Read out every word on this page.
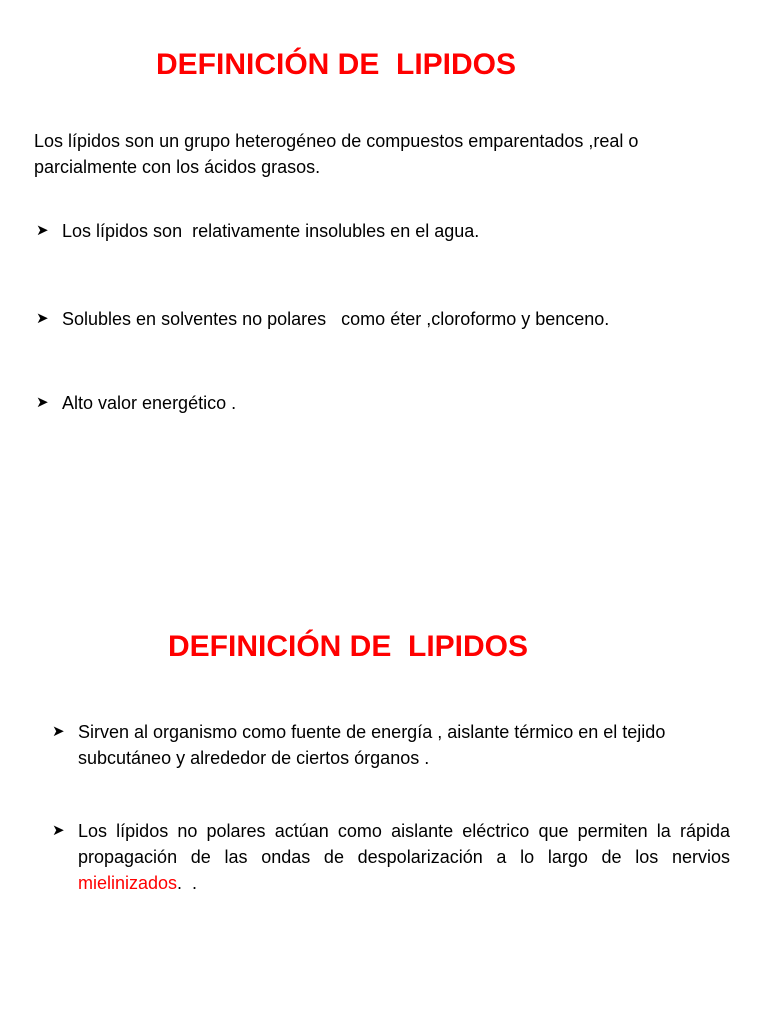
DEFINICIÓN DE  LIPIDOS

Los lípidos son un grupo heterogéneo de compuestos emparentados ,real o parcialmente con los ácidos grasos.

➤ Los lípidos son  relativamente insolubles en el agua.
➤ Solubles en solventes no polares   como éter ,cloroformo y benceno.
➤ Alto valor energético .
DEFINICIÓN DE  LIPIDOS
➤ Sirven al organismo como fuente de energía , aislante térmico en el tejido subcutáneo y alrededor de ciertos órganos .
➤ Los lípidos no polares actúan como aislante eléctrico que permiten la rápida propagación de las ondas de despolarización a lo largo de los nervios mielinizados.  .
